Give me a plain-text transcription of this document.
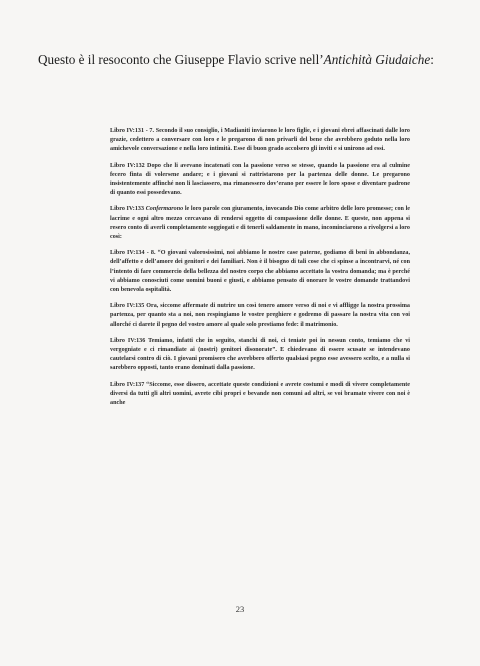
Questo è il resoconto che Giuseppe Flavio scrive nell’Antichità Giudaiche:

Libro IV:131 - 7. Secondo il suo consiglio, i Madianiti inviarono le loro figlie, e i giovani ebrei affascinati dalle loro grazie, cedettero a conversare con loro e le pregarono di non privarli del bene che avrebbero goduto nella loro amichevole conversazione e nella loro intimità. Esse di buon grado accolsero gli inviti e si unirono ad essi.

Libro IV:132 Dopo che li avevano incatenati con la passione verso se stesse, quando la passione era al culmine fecero finta di volersene andare; e i giovani si rattristarono per la partenza delle donne. Le pregarono insistentemente affinché non li lasciassero, ma rimanessero dov’erano per essere le loro spose e diventare padrone di quanto essi possedevano.

Libro IV:133 Confermarono le loro parole con giuramento, invocando Dio come arbitro delle loro promesse; con le lacrime e ogni altro mezzo cercavano di rendersi oggetto di compassione delle donne. E queste, non appena si resero conto di averli completamente soggiogati e di tenerli saldamente in mano, incominciarono a rivolgersi a loro così:

Libro IV:134 - 8. “O giovani valorosissimi, noi abbiamo le nostre case paterne, godiamo di beni in abbondanza, dell’affetto e dell’amore dei genitori e dei familiari. Non è il bisogno di tali cose che ci spinse a incontrarvi, né con l’intento di fare commercio della bellezza del nostro corpo che abbiamo accettato la vostra domanda; ma è perché vi abbiamo conosciuti come uomini buoni e giusti, e abbiamo pensato di onorare le vostre domande trattandovi con benevola ospitalità.

Libro IV:135 Ora, siccome affermate di nutrire un così tenero amore verso di noi e vi affligge la nostra prossima partenza, per quanto sta a noi, non respingiamo le vostre preghiere e godremo di passare la nostra vita con voi allorché ci darete il pegno del vostro amore al quale solo prestiamo fede: il matrimonio.

Libro IV:136 Temiamo, infatti che in seguito, stanchi di noi, ci teniate poi in nessun conto, temiamo che vi vergogniate e ci rimandiate ai (nostri) genitori disonorate”. E chiedevano di essere scusate se intendevano cautelarsi contro di ciò. I giovani promisero che avrebbero offerto qualsiasi pegno esse avessero scelto, e a nulla si sarebbero opposti, tanto erano dominati dalla passione.

Libro IV:137 “Siccome, esse dissero, accettate queste condizioni e avrete costumi e modi di vivere completamente diversi da tutti gli altri uomini, avrete cibi propri e bevande non comuni ad altri, se voi bramate vivere con noi è anche

23
